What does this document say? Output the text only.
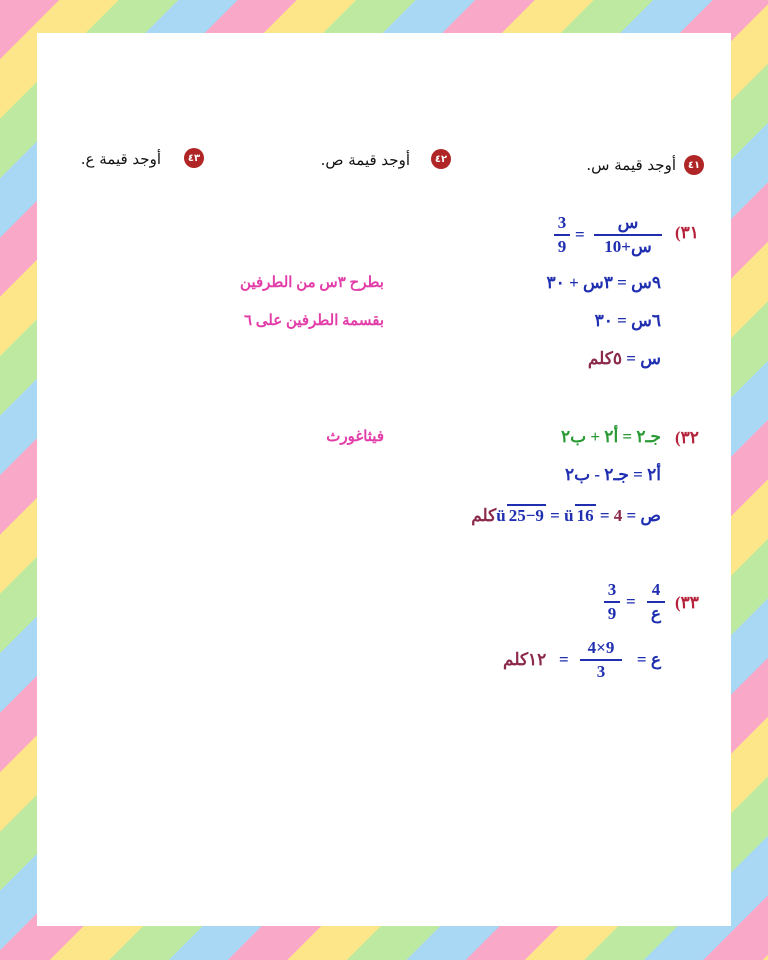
٤١
أوجد قيمة س.
٤٢
أوجد قيمة ص.
٤٣
أوجد قيمة ع.
٣١)
س
س+10
=
3
9
٩س = ٣س + ٣٠
بطرح ٣س من الطرفين
٦س = ٣٠
بقسمة الطرفين على ٦
س = ٥كلم
٣٢)
جـ٢ = أ٢ + ب٢
فيثاغورث
أ٢ = جـ٢ - ب٢
ص = ü 25−9 = ü 16 = 4كلم
٣٣)
4
ع
=
3
9
ع =
4×9
3
=
١٢كلم
